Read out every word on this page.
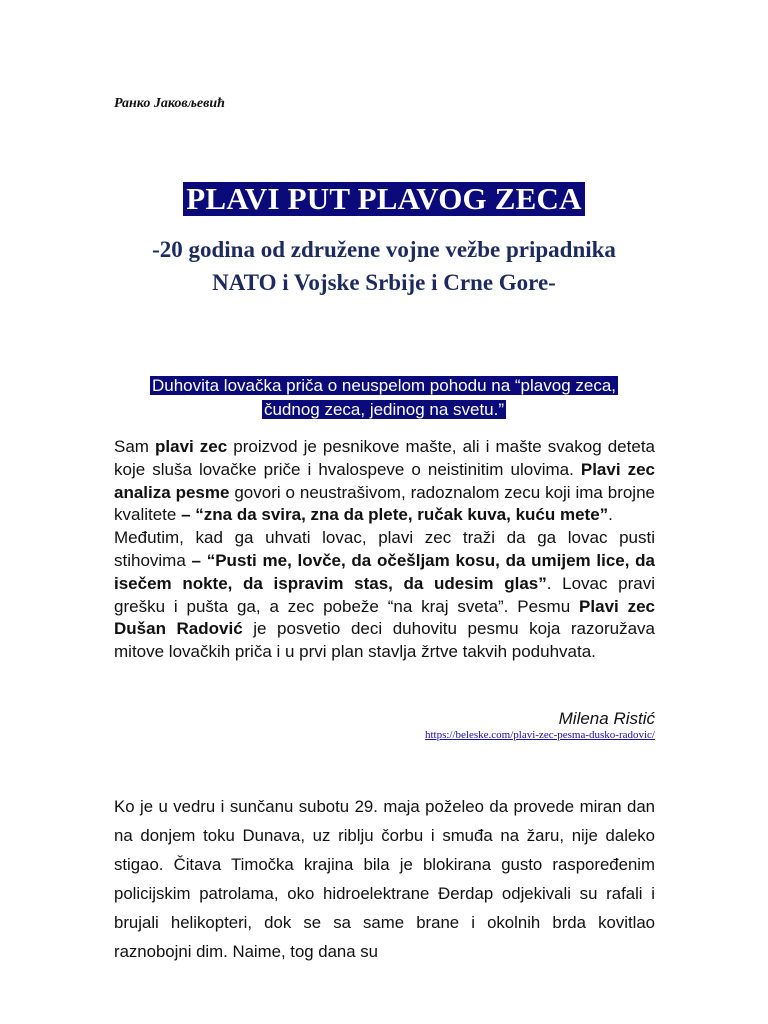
Ранко Јаковљевић
PLAVI PUT PLAVOG ZECA
-20 godina od združene vojne vežbe pripadnika
NATO i Vojske Srbije i Crne Gore-
Duhovita lovačka priča o neuspelom pohodu na “plavog zeca,
čudnog zeca, jedinog na svetu.”

Sam plavi zec proizvod je pesnikove mašte, ali i mašte svakog deteta koje sluša lovačke priče i hvalospeve o neistinitim ulovima. Plavi zec analiza pesme govori o neustrašivom, radoznalom zecu koji ima brojne kvalitete – “zna da svira, zna da plete, ručak kuva, kuću mete”.

Međutim, kad ga uhvati lovac, plavi zec traži da ga lovac pusti stihovima – “Pusti me, lovče, da očešljam kosu, da umijem lice, da isečem nokte, da ispravim stas, da udesim glas”. Lovac pravi grešku i pušta ga, a zec pobeže “na kraj sveta”. Pesmu Plavi zec Dušan Radović je posvetio deci duhovitu pesmu koja razoružava mitove lovačkih priča i u prvi plan stavlja žrtve takvih poduhvata.

Milena Ristić
https://beleske.com/plavi-zec-pesma-dusko-radovic/

Ko je u vedru i sunčanu subotu 29. maja poželeo da provede miran dan na donjem toku Dunava, uz riblju čorbu i smuđa na žaru, nije daleko stigao. Čitava Timočka krajina bila je blokirana gusto raspoređenim policijskim patrolama, oko hidroelektrane Đerdap odjekivali su rafali i brujali helikopteri, dok se sa same brane i okolnih brda kovitlao raznobojni dim. Naime, tog dana su
